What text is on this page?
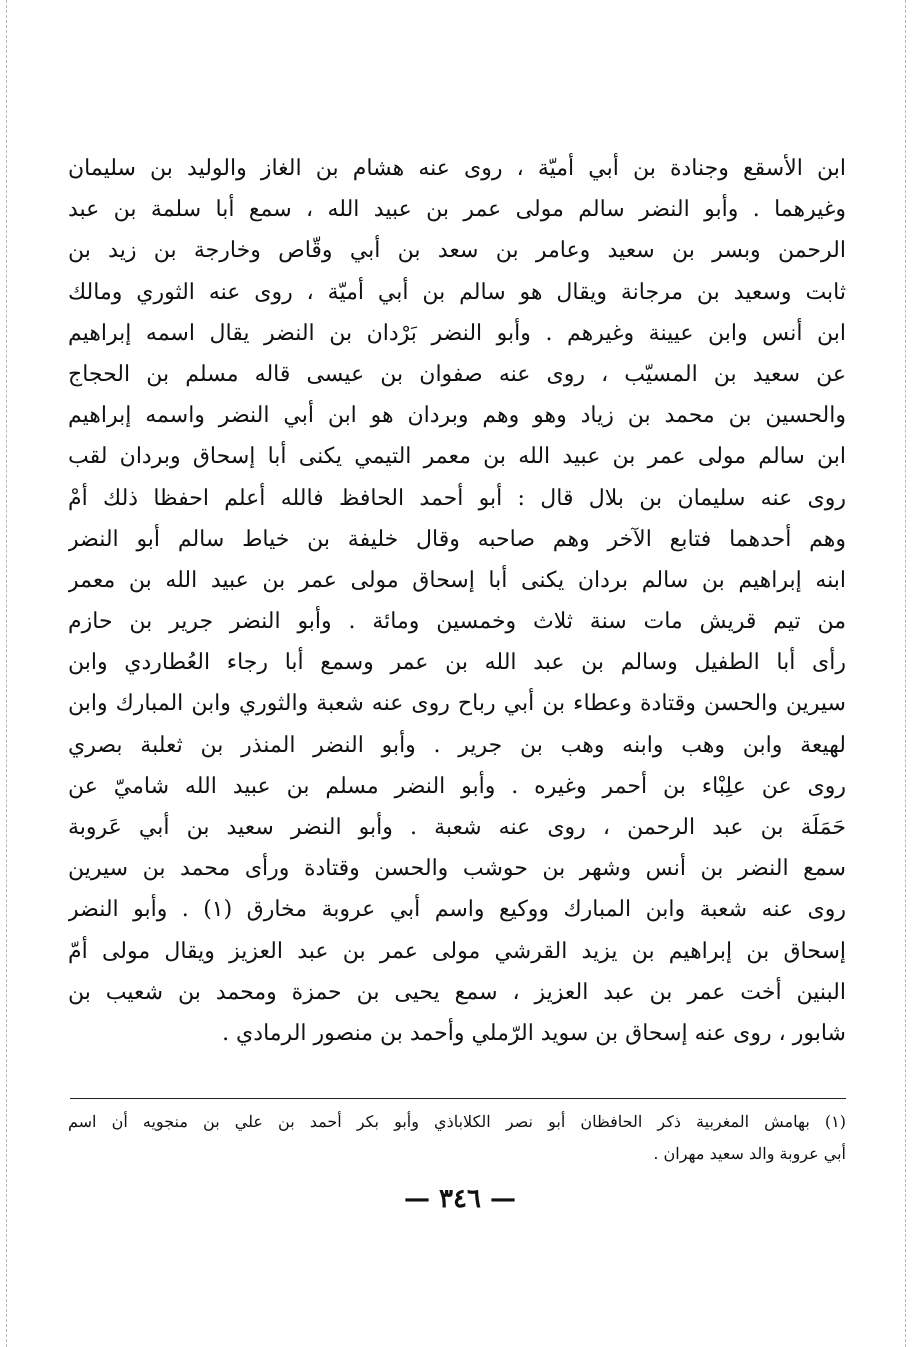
ابن الأسقع وجنادة بن أبي أميّة ، روى عنه هشام بن الغاز والوليد بن سليمان
وغيرهما . وأبو النضر سالم مولى عمر بن عبيد الله ، سمع أبا سلمة بن عبد
الرحمن وبسر بن سعيد وعامر بن سعد بن أبي وقّاص وخارجة بن زيد بن
ثابت وسعيد بن مرجانة ويقال هو سالم بن أبي أميّة ، روى عنه الثوري ومالك
ابن أنس وابن عيينة وغيرهم . وأبو النضر بَرْدان بن النضر يقال اسمه إبراهيم
عن سعيد بن المسيّب ، روى عنه صفوان بن عيسى قاله مسلم بن الحجاج
والحسين بن محمد بن زياد وهو وهم وبردان هو ابن أبي النضر واسمه إبراهيم
ابن سالم مولى عمر بن عبيد الله بن معمر التيمي يكنى أبا إسحاق وبردان لقب
روى عنه سليمان بن بلال قال : أبو أحمد الحافظ فالله أعلم احفظا ذلك أمْ
وهم أحدهما فتابع الآخر وهم صاحبه وقال خليفة بن خياط سالم أبو النضر
ابنه إبراهيم بن سالم بردان يكنى أبا إسحاق مولى عمر بن عبيد الله بن معمر
من تيم قريش مات سنة ثلاث وخمسين ومائة . وأبو النضر جرير بن حازم
رأى أبا الطفيل وسالم بن عبد الله بن عمر وسمع أبا رجاء العُطاردي وابن
سيرين والحسن وقتادة وعطاء بن أبي رباح روى عنه شعبة والثوري وابن المبارك وابن
لهيعة وابن وهب وابنه وهب بن جرير . وأبو النضر المنذر بن ثعلبة بصري
روى عن علِبْاء بن أحمر وغيره . وأبو النضر مسلم بن عبيد الله شاميّ عن
حَمَلَة بن عبد الرحمن ، روى عنه شعبة . وأبو النضر سعيد بن أبي عَروبة
سمع النضر بن أنس وشهر بن حوشب والحسن وقتادة ورأى محمد بن سيرين
روى عنه شعبة وابن المبارك ووكيع واسم أبي عروبة مخارق (١) . وأبو النضر
إسحاق بن إبراهيم بن يزيد القرشي مولى عمر بن عبد العزيز ويقال مولى أمّ
البنين أخت عمر بن عبد العزيز ، سمع يحيى بن حمزة ومحمد بن شعيب بن
شابور ، روى عنه إسحاق بن سويد الرّملي وأحمد بن منصور الرمادي .
(١) بهامش المغربية ذكر الحافظان أبو نصر الكلاباذي وأبو بكر أحمد بن علي بن منجويه أن اسم
أبي عروبة والد سعيد مهران .
— ٣٤٦ —
